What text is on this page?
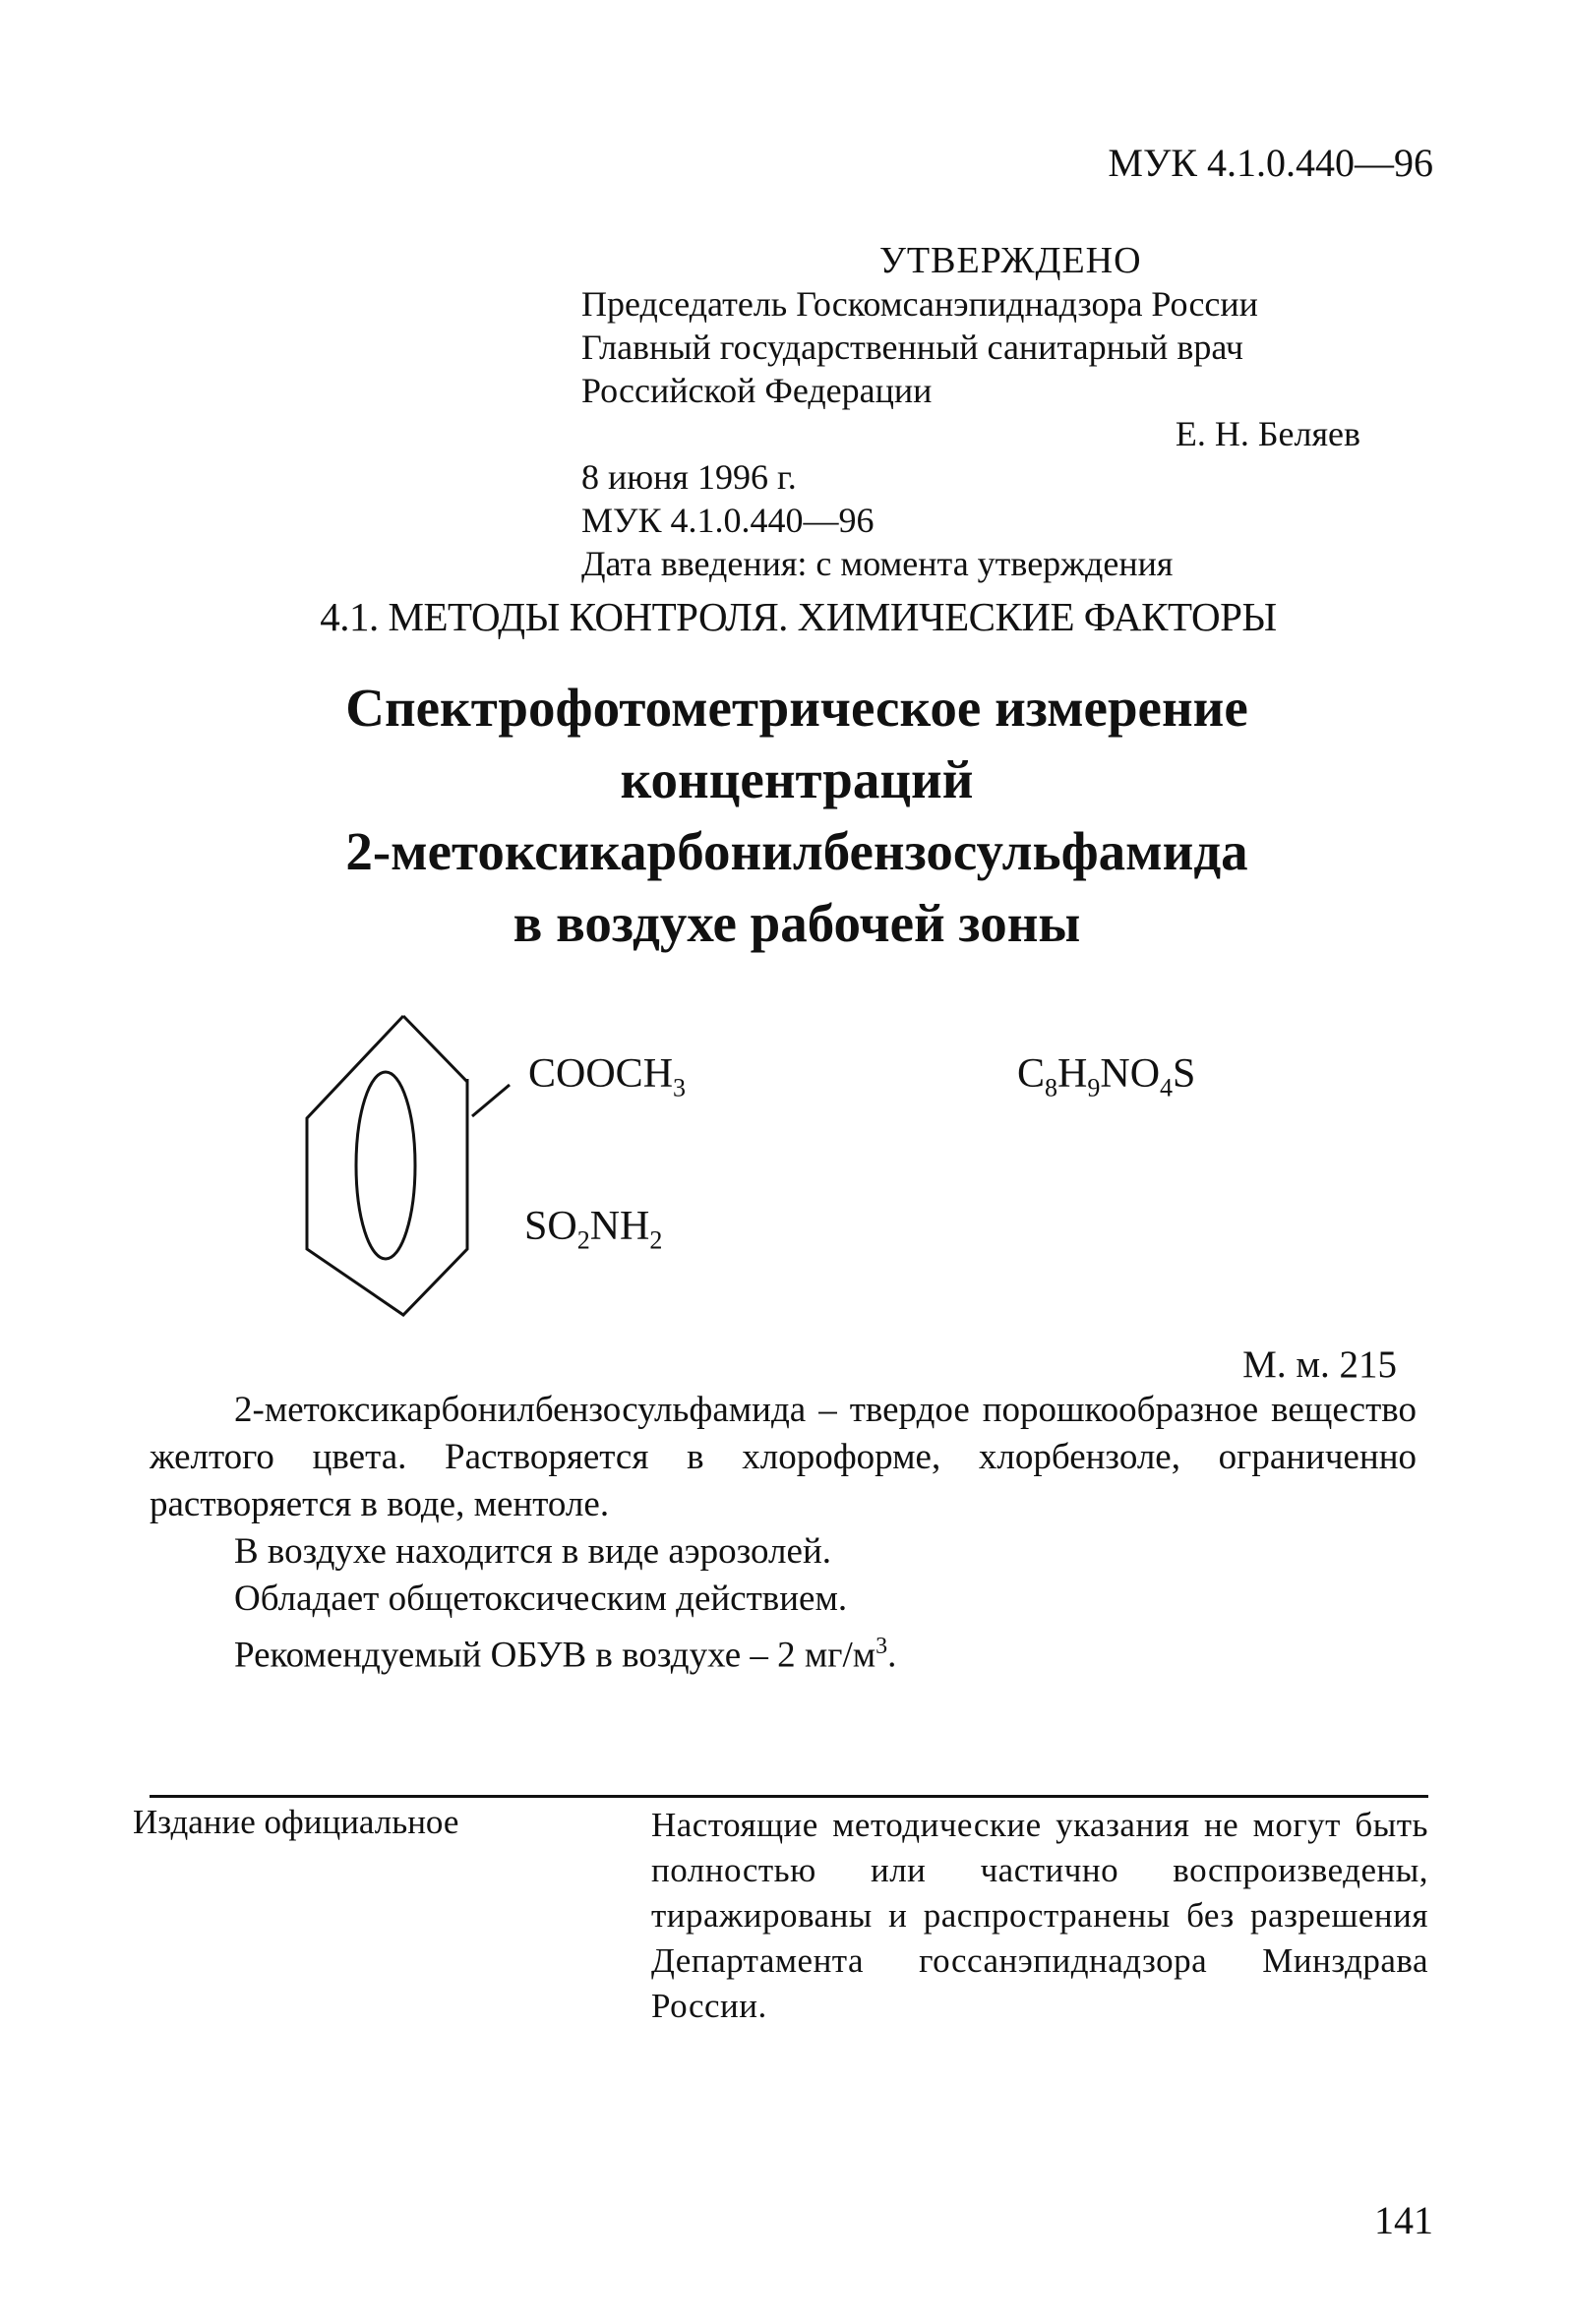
МУК 4.1.0.440—96
УТВЕРЖДЕНО
Председатель Госкомсанэпиднадзора России
Главный государственный санитарный врач
Российской Федерации
Е. Н. Беляев
8 июня 1996 г.
МУК 4.1.0.440—96
Дата введения: с момента утверждения
4.1. МЕТОДЫ КОНТРОЛЯ. ХИМИЧЕСКИЕ ФАКТОРЫ
Спектрофотометрическое измерение
концентраций
2-метоксикарбонилбензосульфамида
в воздухе рабочей зоны
$COOCH_3$
$SO_2NH_2$
$C_8H_9NO_4S$
М. м. 215

2-метоксикарбонилбензосульфамида – твердое порошкообразное вещество желтого цвета. Растворяется в хлороформе, хлорбензоле, ограниченно растворяется в воде, ментоле.

В воздухе находится в виде аэрозолей.

Обладает общетоксическим действием.

Рекомендуемый ОБУВ в воздухе – 2 $мг/м^3$.

Издание официальное	Настоящие методические указания не могут быть полностью или частично воспроизведены, тиражированы и распространены без разрешения Департамента госсанэпиднадзора Минздрава России.
141
